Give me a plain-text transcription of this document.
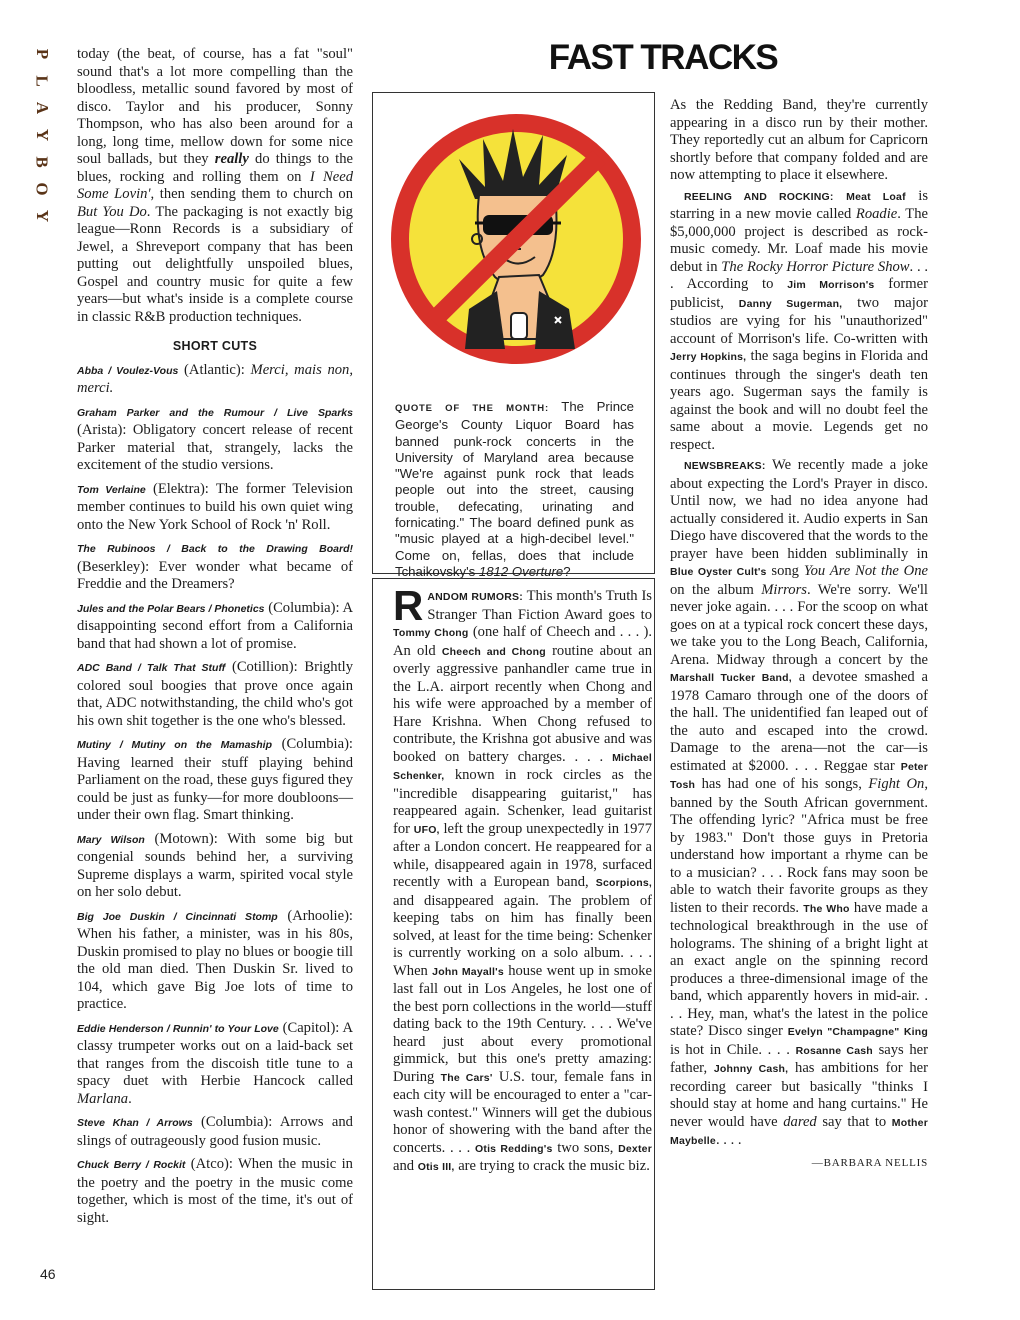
P
L
A
Y
B
O
Y
46

today (the beat, of course, has a fat "soul" sound that's a lot more compelling than the bloodless, metallic sound favored by most of disco. Taylor and his producer, Sonny Thompson, who has also been around for a long, long time, mellow down for some nice soul ballads, but they really do things to the blues, rocking and rolling them on I Need Some Lovin', then sending them to church on But You Do. The packaging is not exactly big league—Ronn Records is a subsidiary of Jewel, a Shreveport company that has been putting out delightfully unspoiled blues, Gospel and country music for quite a few years—but what's inside is a complete course in classic R&B production techniques.

SHORT CUTS

Abba / Voulez-Vous (Atlantic): Merci, mais non, merci.

Graham Parker and the Rumour / Live Sparks (Arista): Obligatory concert release of recent Parker material that, strangely, lacks the excitement of the studio versions.

Tom Verlaine (Elektra): The former Television member continues to build his own quiet wing onto the New York School of Rock 'n' Roll.

The Rubinoos / Back to the Drawing Board! (Beserkley): Ever wonder what became of Freddie and the Dreamers?

Jules and the Polar Bears / Phonetics (Columbia): A disappointing second effort from a California band that had shown a lot of promise.

ADC Band / Talk That Stuff (Cotillion): Brightly colored soul boogies that prove once again that, ADC notwithstanding, the child who's got his own shit together is the one who's blessed.

Mutiny / Mutiny on the Mamaship (Columbia): Having learned their stuff playing behind Parliament on the road, these guys figured they could be just as funky—for more doubloons—under their own flag. Smart thinking.

Mary Wilson (Motown): With some big but congenial sounds behind her, a surviving Supreme displays a warm, spirited vocal style on her solo debut.

Big Joe Duskin / Cincinnati Stomp (Arhoolie): When his father, a minister, was in his 80s, Duskin promised to play no blues or boogie till the old man died. Then Duskin Sr. lived to 104, which gave Big Joe lots of time to practice.

Eddie Henderson / Runnin' to Your Love (Capitol): A classy trumpeter works out on a laid-back set that ranges from the discoish title tune to a spacy duet with Herbie Hancock called Marlana.

Steve Khan / Arrows (Columbia): Arrows and slings of outrageously good fusion music.

Chuck Berry / Rockit (Atco): When the music in the poetry and the poetry in the music come together, which is most of the time, it's out of sight.

FAST TRACKS

QUOTE OF THE MONTH: The Prince George's County Liquor Board has banned punk-rock concerts in the University of Maryland area because "We're against punk rock that leads people out into the street, causing trouble, defecating, urinating and fornicating." The board defined punk as "music played at a high-decibel level." Come on, fellas, does that include Tchaikovsky's 1812 Overture?

RANDOM RUMORS: This month's Truth Is Stranger Than Fiction Award goes to Tommy Chong (one half of Cheech and . . . ). An old Cheech and Chong routine about an overly aggressive panhandler came true in the L.A. airport recently when Chong and his wife were approached by a member of Hare Krishna. When Chong refused to contribute, the Krishna got abusive and was booked on battery charges. . . . Michael Schenker, known in rock circles as the "incredible disappearing guitarist," has reappeared again. Schenker, lead guitarist for UFO, left the group unexpectedly in 1977 after a London concert. He reappeared for a while, disappeared again in 1978, surfaced recently with a European band, Scorpions, and disappeared again. The problem of keeping tabs on him has finally been solved, at least for the time being: Schenker is currently working on a solo album. . . . When John Mayall's house went up in smoke last fall out in Los Angeles, he lost one of the best porn collections in the world—stuff dating back to the 19th Century. . . . We've heard just about every promotional gimmick, but this one's pretty amazing: During The Cars' U.S. tour, female fans in each city will be encouraged to enter a "car-wash contest." Winners will get the dubious honor of showering with the band after the concerts. . . . Otis Redding's two sons, Dexter and Otis III, are trying to crack the music biz.

As the Redding Band, they're currently appearing in a disco run by their mother. They reportedly cut an album for Capricorn shortly before that company folded and are now attempting to place it elsewhere.

REELING AND ROCKING: Meat Loaf is starring in a new movie called Roadie. The $5,000,000 project is described as rock-music comedy. Mr. Loaf made his movie debut in The Rocky Horror Picture Show. . . . According to Jim Morrison's former publicist, Danny Sugerman, two major studios are vying for his "unauthorized" account of Morrison's life. Co-written with Jerry Hopkins, the saga begins in Florida and continues through the singer's death ten years ago. Sugerman says the family is against the book and will no doubt feel the same about a movie. Legends get no respect.

NEWSBREAKS: We recently made a joke about expecting the Lord's Prayer in disco. Until now, we had no idea anyone had actually considered it. Audio experts in San Diego have discovered that the words to the prayer have been hidden subliminally in Blue Oyster Cult's song You Are Not the One on the album Mirrors. We're sorry. We'll never joke again. . . . For the scoop on what goes on at a typical rock concert these days, we take you to the Long Beach, California, Arena. Midway through a concert by the Marshall Tucker Band, a devotee smashed a 1978 Camaro through one of the doors of the hall. The unidentified fan leaped out of the auto and escaped into the crowd. Damage to the arena—not the car—is estimated at $2000. . . . Reggae star Peter Tosh has had one of his songs, Fight On, banned by the South African government. The offending lyric? "Africa must be free by 1983." Don't those guys in Pretoria understand how important a rhyme can be to a musician? . . . Rock fans may soon be able to watch their favorite groups as they listen to their records. The Who have made a technological breakthrough in the use of holograms. The shining of a bright light at an exact angle on the spinning record produces a three-dimensional image of the band, which apparently hovers in mid-air. . . . Hey, man, what's the latest in the police state? Disco singer Evelyn "Champagne" King is hot in Chile. . . . Rosanne Cash says her father, Johnny Cash, has ambitions for her recording career but basically "thinks I should stay at home and hang curtains." He never would have dared say that to Mother Maybelle. . . .

—BARBARA NELLIS
